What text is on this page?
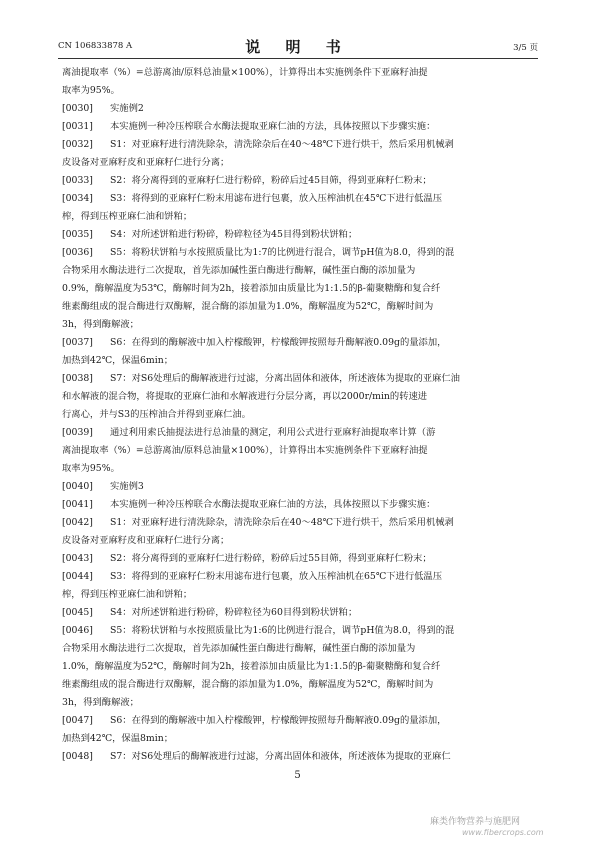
CN 106833878 A	说 明 书	3/5 页

离油提取率（%）=总游离油/原料总油量×100%），计算得出本实施例条件下亚麻籽油提

取率为95%。

[0030] 实施例2

[0031] 本实施例一种冷压榨联合水酶法提取亚麻仁油的方法，具体按照以下步骤实施：

[0032] S1：对亚麻籽进行清洗除杂，清洗除杂后在40～48℃下进行烘干，然后采用机械剥

皮设备对亚麻籽皮和亚麻籽仁进行分离；

[0033] S2：将分离得到的亚麻籽仁进行粉碎，粉碎后过45目筛，得到亚麻籽仁粉末；

[0034] S3：将得到的亚麻籽仁粉末用滤布进行包裹，放入压榨油机在45℃下进行低温压

榨，得到压榨亚麻仁油和饼粕；

[0035] S4：对所述饼粕进行粉碎，粉碎粒径为45目得到粉状饼粕；

[0036] S5：将粉状饼粕与水按照质量比为1:7的比例进行混合，调节pH值为8.0，得到的混

合物采用水酶法进行二次提取，首先添加碱性蛋白酶进行酶解，碱性蛋白酶的添加量为

0.9%，酶解温度为53℃，酶解时间为2h，接着添加由质量比为1:1.5的β-葡聚糖酶和复合纤

维素酶组成的混合酶进行双酶解，混合酶的添加量为1.0%，酶解温度为52℃，酶解时间为

3h，得到酶解液；

[0037] S6：在得到的酶解液中加入柠檬酸钾，柠檬酸钾按照每升酶解液0.09g的量添加，

加热到42℃，保温6min；

[0038] S7：对S6处理后的酶解液进行过滤，分离出固体和液体，所述液体为提取的亚麻仁油

和水解液的混合物，将提取的亚麻仁油和水解液进行分层分离，再以2000r/min的转速进

行离心，并与S3的压榨油合并得到亚麻仁油。

[0039] 通过利用索氏抽提法进行总油量的测定，利用公式进行亚麻籽油提取率计算（游

离油提取率（%）=总游离油/原料总油量×100%），计算得出本实施例条件下亚麻籽油提

取率为95%。

[0040] 实施例3

[0041] 本实施例一种冷压榨联合水酶法提取亚麻仁油的方法，具体按照以下步骤实施：

[0042] S1：对亚麻籽进行清洗除杂，清洗除杂后在40～48℃下进行烘干，然后采用机械剥

皮设备对亚麻籽皮和亚麻籽仁进行分离；

[0043] S2：将分离得到的亚麻籽仁进行粉碎，粉碎后过55目筛，得到亚麻籽仁粉末；

[0044] S3：将得到的亚麻籽仁粉末用滤布进行包裹，放入压榨油机在65℃下进行低温压

榨，得到压榨亚麻仁油和饼粕；

[0045] S4：对所述饼粕进行粉碎，粉碎粒径为60目得到粉状饼粕；

[0046] S5：将粉状饼粕与水按照质量比为1:6的比例进行混合，调节pH值为8.0，得到的混

合物采用水酶法进行二次提取，首先添加碱性蛋白酶进行酶解，碱性蛋白酶的添加量为

1.0%，酶解温度为52℃，酶解时间为2h，接着添加由质量比为1:1.5的β-葡聚糖酶和复合纤

维素酶组成的混合酶进行双酶解，混合酶的添加量为1.0%，酶解温度为52℃，酶解时间为

3h，得到酶解液；

[0047] S6：在得到的酶解液中加入柠檬酸钾，柠檬酸钾按照每升酶解液0.09g的量添加，

加热到42℃，保温8min；

[0048] S7：对S6处理后的酶解液进行过滤，分离出固体和液体，所述液体为提取的亚麻仁

5
麻类作物营养与施肥网
www.fibercrops.com
